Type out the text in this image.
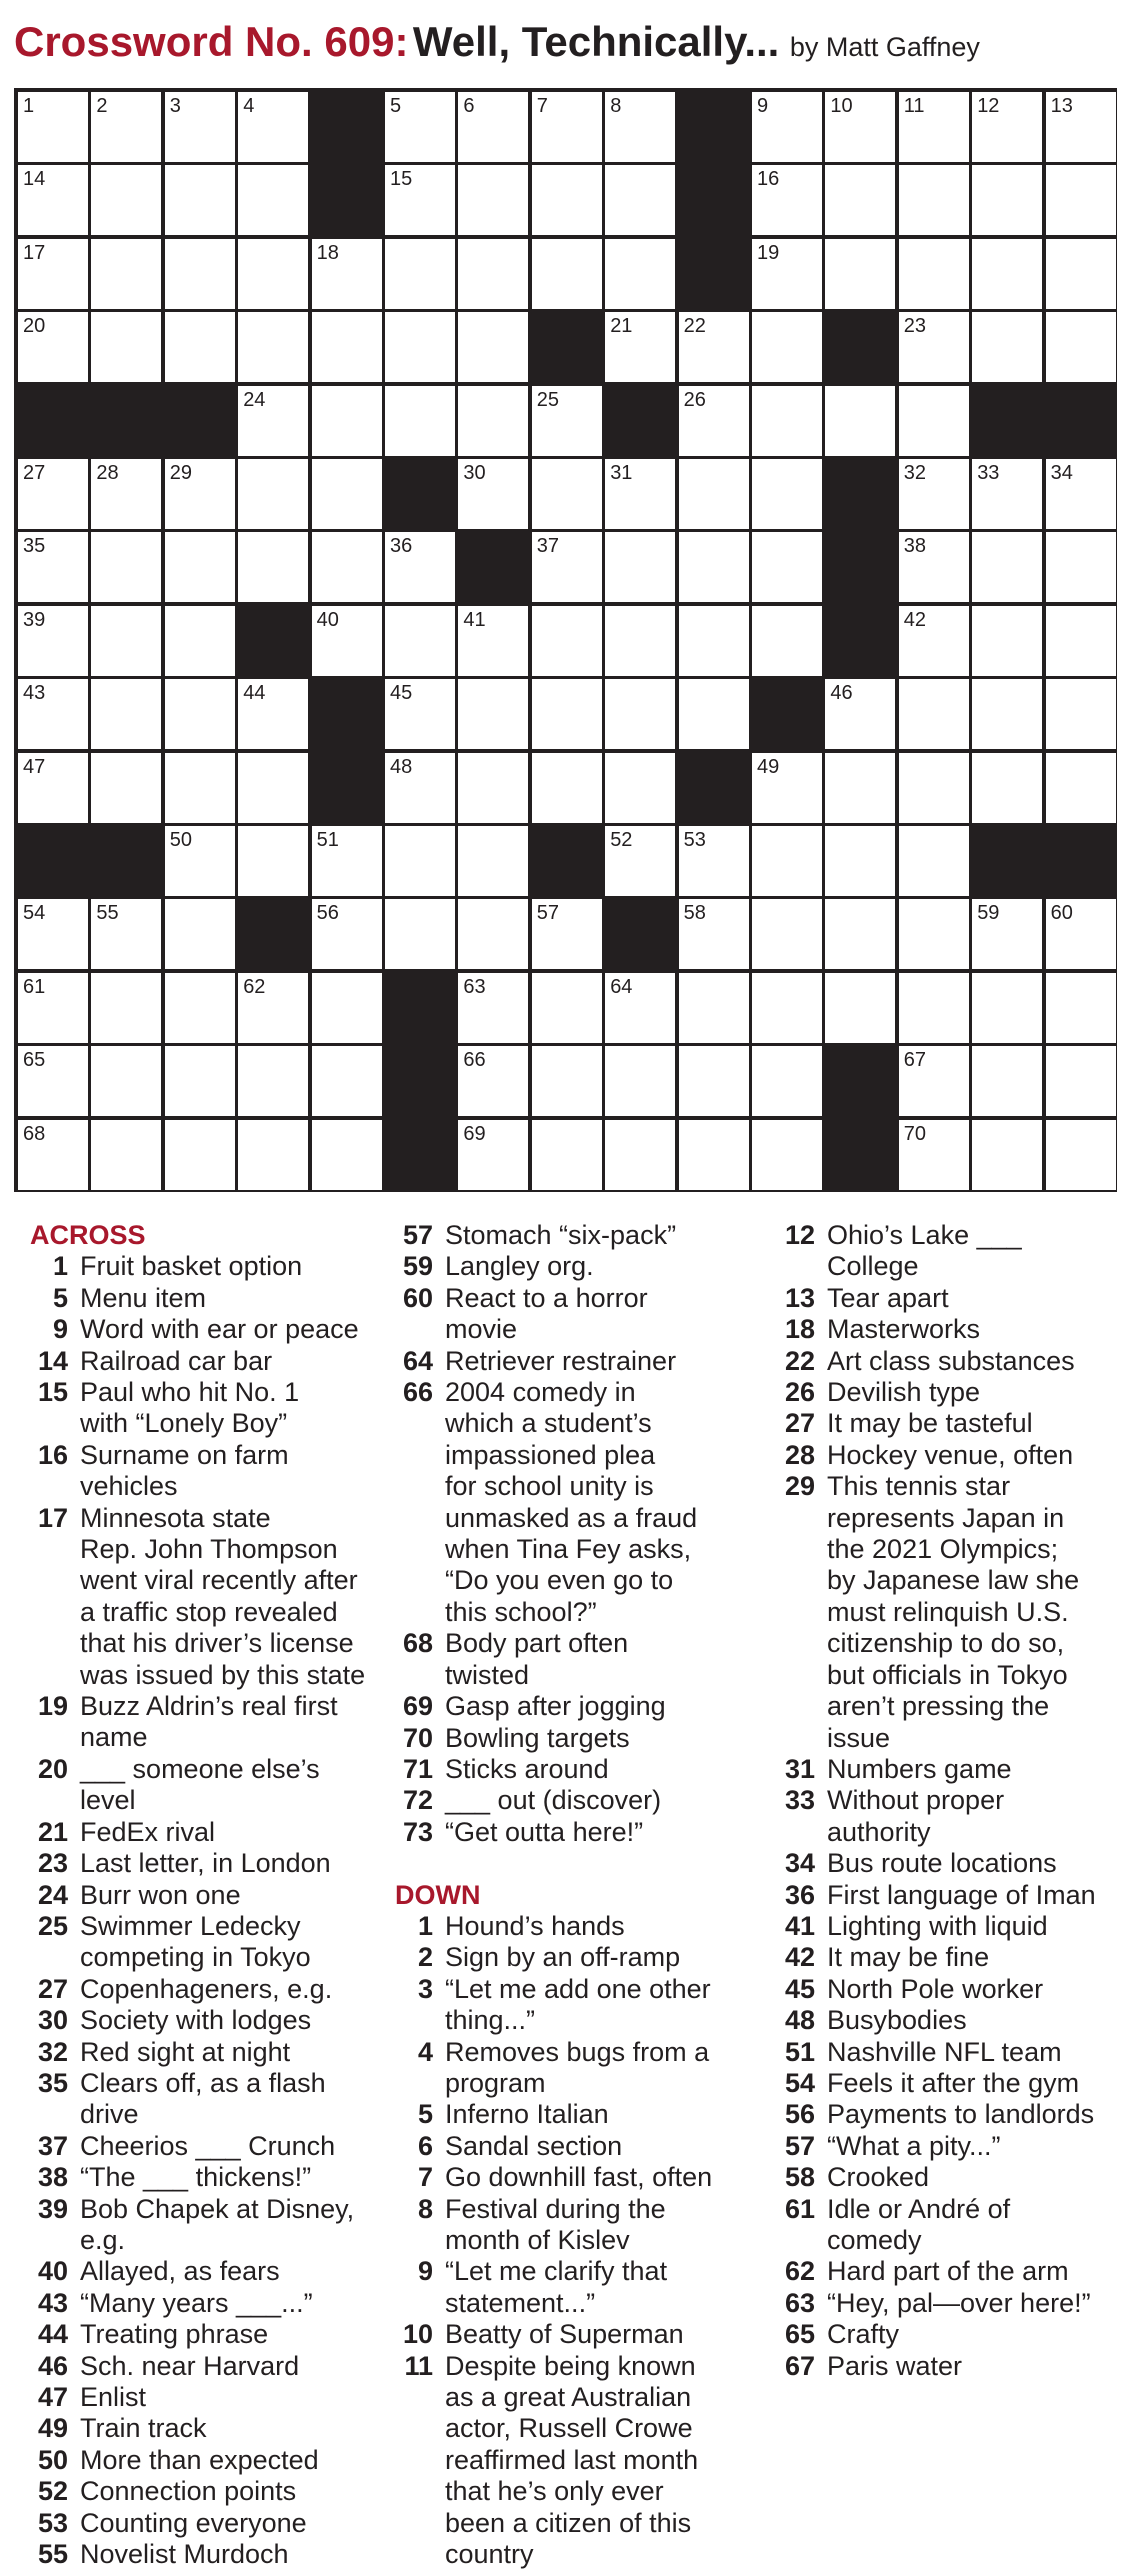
Crossword No. 609: Well, Technically... by Matt Gaffney
1	2	3	4	5	6	7	8	9	10	11	12	13
14	15	16
17	18	19
20	21	22	23
24	25	26
27	28	29	30	31	32	33	34
35	36	37	38
39	40	41	42
43	44	45	46
47	48	49
50	51	52	53
54	55	56	57	58	59	60
61	62	63	64
65	66	67
68	69	70
ACROSS
1 Fruit basket option
5 Menu item
9 Word with ear or peace
14 Railroad car bar
15 Paul who hit No. 1
with “Lonely Boy”
16 Surname on farm
vehicles
17 Minnesota state
Rep. John Thompson
went viral recently after
a traffic stop revealed
that his driver’s license
was issued by this state
19 Buzz Aldrin’s real first
name
20 ___ someone else’s
level
21 FedEx rival
23 Last letter, in London
24 Burr won one
25 Swimmer Ledecky
competing in Tokyo
27 Copenhageners, e.g.
30 Society with lodges
32 Red sight at night
35 Clears off, as a flash
drive
37 Cheerios ___ Crunch
38 “The ___ thickens!”
39 Bob Chapek at Disney,
e.g.
40 Allayed, as fears
43 “Many years ___...”
44 Treating phrase
46 Sch. near Harvard
47 Enlist
49 Train track
50 More than expected
52 Connection points
53 Counting everyone
55 Novelist Murdoch
57 Stomach “six-pack”
59 Langley org.
60 React to a horror
movie
64 Retriever restrainer
66 2004 comedy in
which a student’s
impassioned plea
for school unity is
unmasked as a fraud
when Tina Fey asks,
“Do you even go to
this school?”
68 Body part often
twisted
69 Gasp after jogging
70 Bowling targets
71 Sticks around
72 ___ out (discover)
73 “Get outta here!”
DOWN
1 Hound’s hands
2 Sign by an off-ramp
3 “Let me add one other
thing...”
4 Removes bugs from a
program
5 Inferno Italian
6 Sandal section
7 Go downhill fast, often
8 Festival during the
month of Kislev
9 “Let me clarify that
statement...”
10 Beatty of Superman
11 Despite being known
as a great Australian
actor, Russell Crowe
reaffirmed last month
that he’s only ever
been a citizen of this
country
12 Ohio’s Lake ___
College
13 Tear apart
18 Masterworks
22 Art class substances
26 Devilish type
27 It may be tasteful
28 Hockey venue, often
29 This tennis star
represents Japan in
the 2021 Olympics;
by Japanese law she
must relinquish U.S.
citizenship to do so,
but officials in Tokyo
aren’t pressing the
issue
31 Numbers game
33 Without proper
authority
34 Bus route locations
36 First language of Iman
41 Lighting with liquid
42 It may be fine
45 North Pole worker
48 Busybodies
51 Nashville NFL team
54 Feels it after the gym
56 Payments to landlords
57 “What a pity...”
58 Crooked
61 Idle or André of
comedy
62 Hard part of the arm
63 “Hey, pal—over here!”
65 Crafty
67 Paris water
